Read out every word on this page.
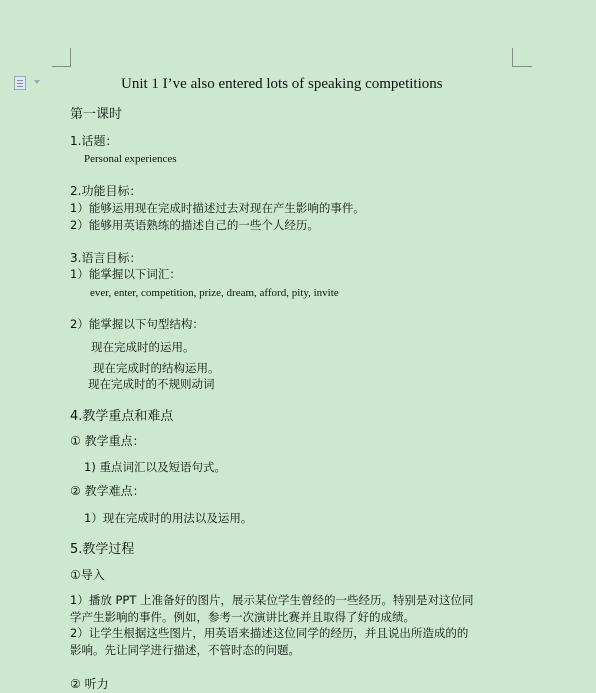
Unit 1 I’ve also entered lots of speaking competitions
第一课时
1.话题：
Personal experiences
2.功能目标：
1）能够运用现在完成时描述过去对现在产生影响的事件。
2）能够用英语熟练的描述自己的一些个人经历。
3.语言目标：
1）能掌握以下词汇：
ever, enter, competition, prize, dream, afford, pity, invite
2）能掌握以下句型结构：
现在完成时的运用。
现在完成时的结构运用。
现在完成时的不规则动词
4.教学重点和难点
① 教学重点：
1) 重点词汇以及短语句式。
② 教学难点：
1）现在完成时的用法以及运用。
5.教学过程
①导入
1）播放 PPT 上准备好的图片，展示某位学生曾经的一些经历。特别是对这位同
学产生影响的事件。例如，参考一次演讲比赛并且取得了好的成绩。
2）让学生根据这些图片，用英语来描述这位同学的经历，并且说出所造成的的
影响。先让同学进行描述，不管时态的问题。
② 听力
